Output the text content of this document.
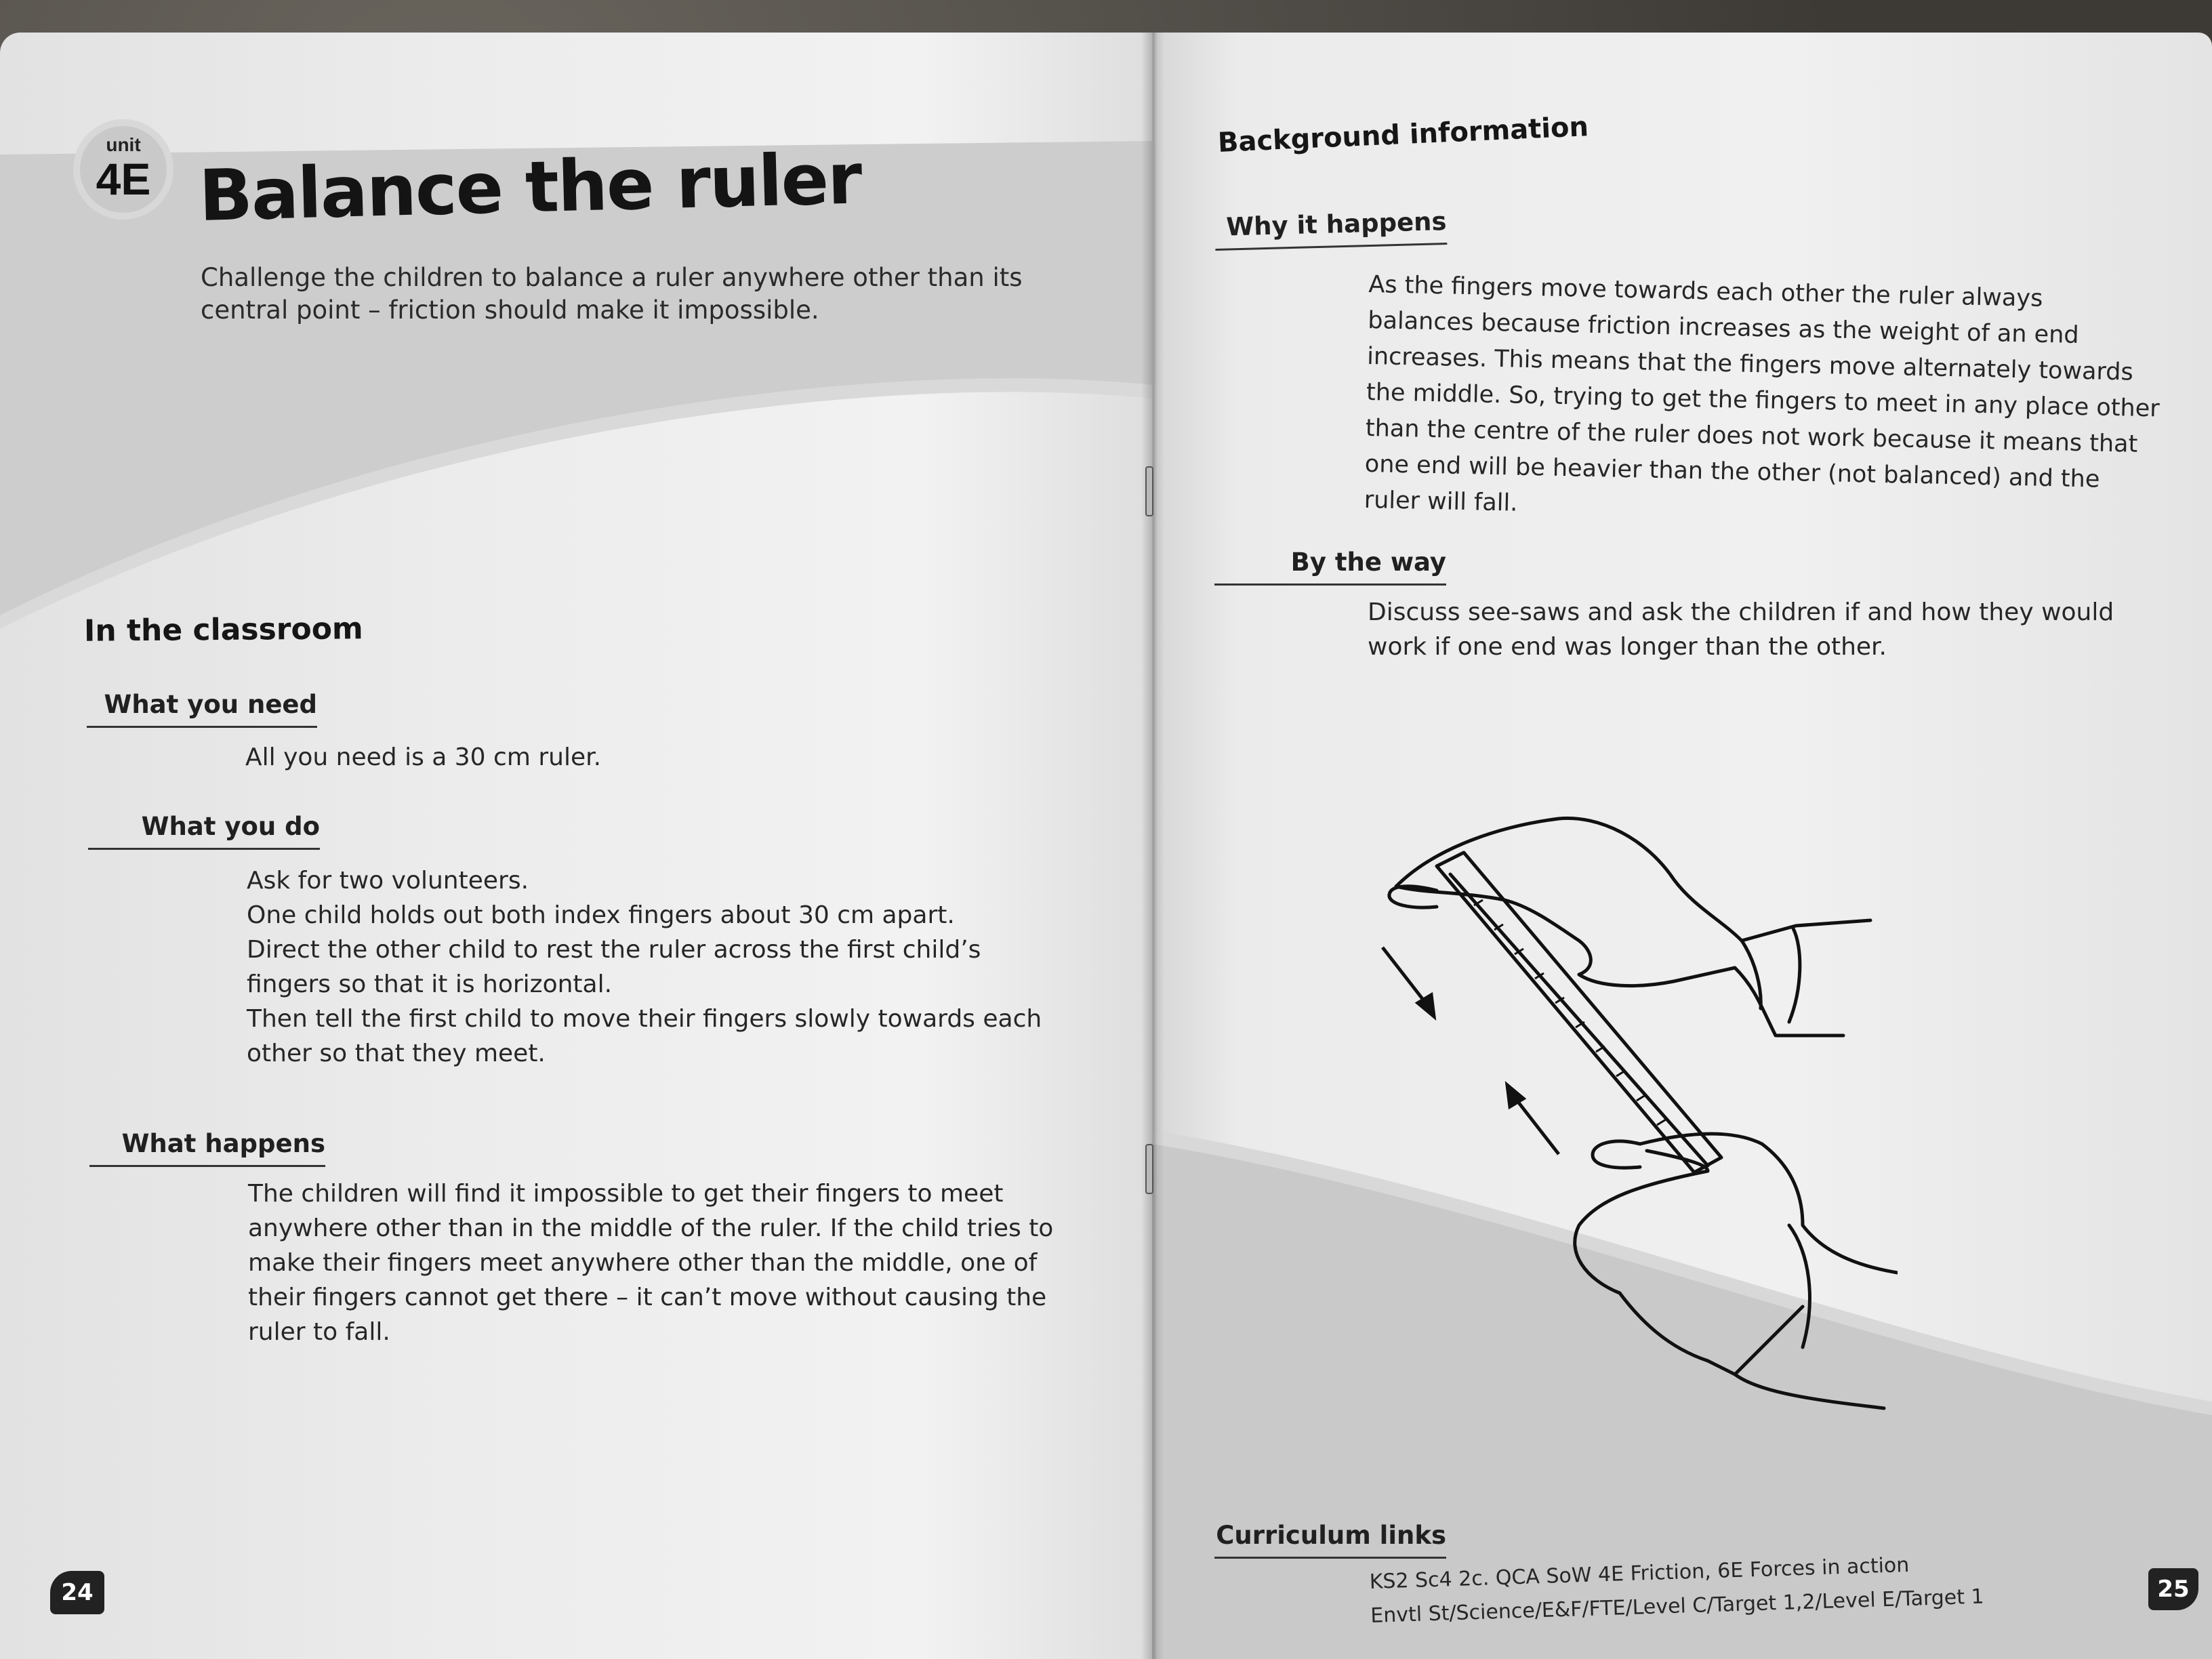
unit
4E Balance the ruler
Challenge the children to balance a ruler anywhere other than its
central point – friction should make it impossible.
In the classroom
What you need
All you need is a 30 cm ruler.
What you do
Ask for two volunteers.
One child holds out both index fingers about 30 cm apart.
Direct the other child to rest the ruler across the first child’s
fingers so that it is horizontal.
Then tell the first child to move their fingers slowly towards each
other so that they meet.
What happens
The children will find it impossible to get their fingers to meet
anywhere other than in the middle of the ruler. If the child tries to
make their fingers meet anywhere other than the middle, one of
their fingers cannot get there – it can’t move without causing the
ruler to fall.
24
Background information
Why it happens
As the fingers move towards each other the ruler always
balances because friction increases as the weight of an end
increases. This means that the fingers move alternately towards
the middle. So, trying to get the fingers to meet in any place other
than the centre of the ruler does not work because it means that
one end will be heavier than the other (not balanced) and the
ruler will fall.
By the way
Discuss see-saws and ask the children if and how they would
work if one end was longer than the other.
Curriculum links
KS2 Sc4 2c. QCA SoW 4E Friction, 6E Forces in action
Envtl St/Science/E&F/FTE/Level C/Target 1,2/Level E/Target 1	25
